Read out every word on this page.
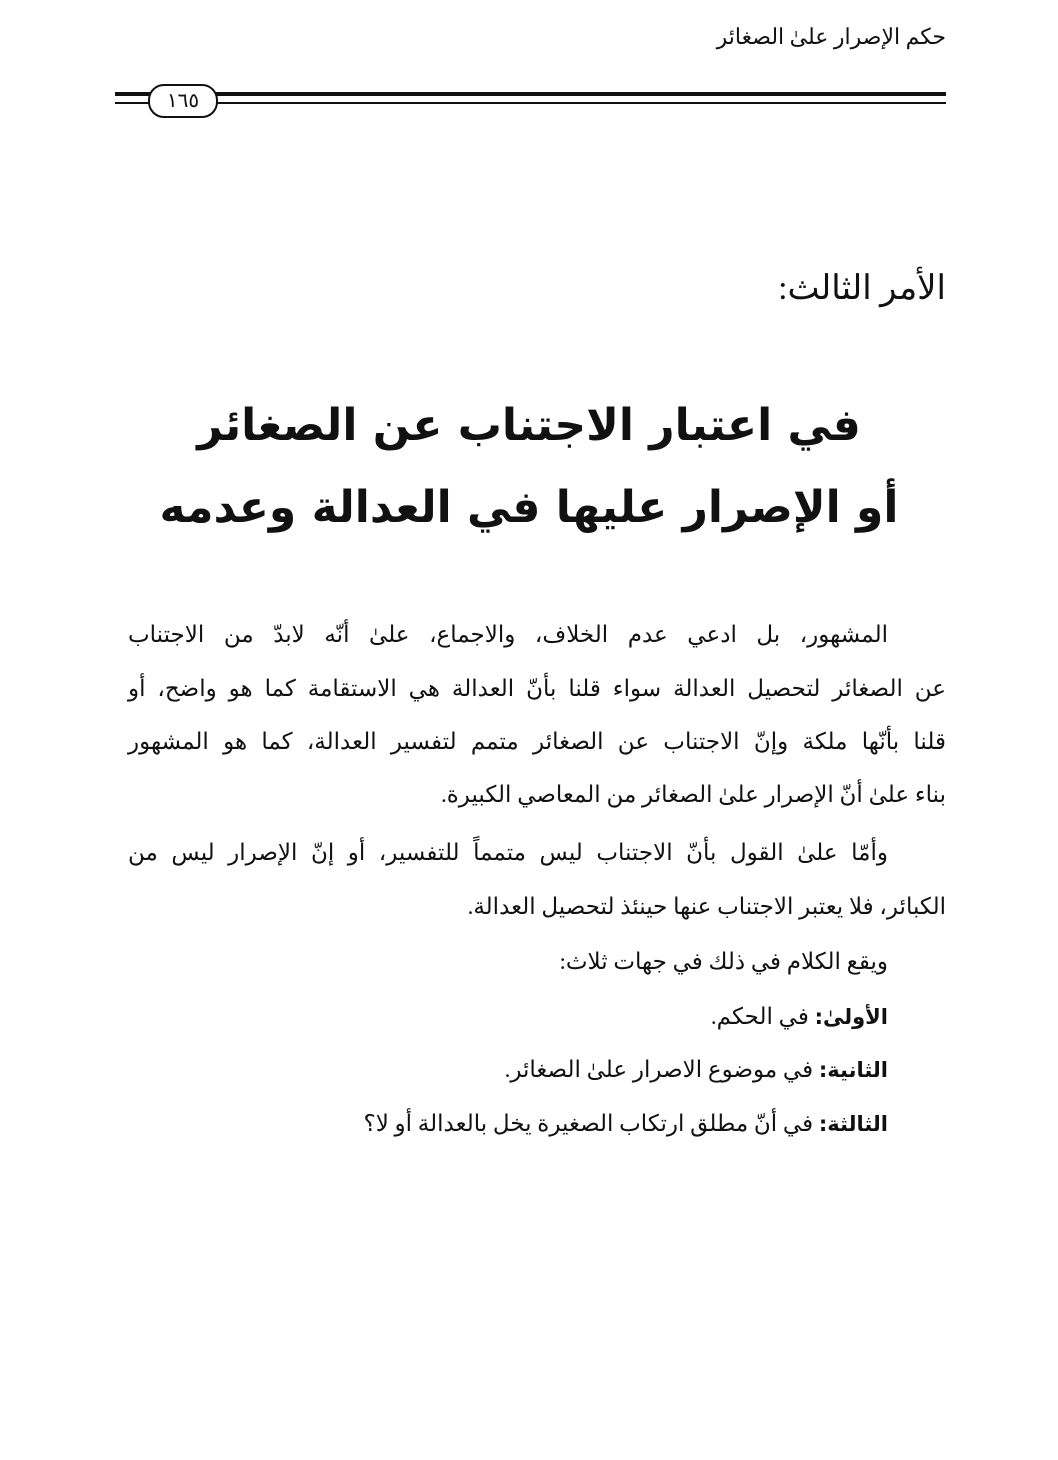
حكم الإصرار علىٰ الصغائر
١٦٥
الأمر الثالث:
في اعتبار الاجتناب عن الصغائر
أو الإصرار عليها في العدالة وعدمه
المشهور، بل ادعي عدم الخلاف، والاجماع، علىٰ أنّه لابدّ من الاجتناب
عن الصغائر لتحصيل العدالة سواء قلنا بأنّ العدالة هي الاستقامة كما هو واضح، أو
قلنا بأنّها ملكة وإنّ الاجتناب عن الصغائر متمم لتفسير العدالة، كما هو المشهور
بناء علىٰ أنّ الإصرار علىٰ الصغائر من المعاصي الكبيرة.
وأمّا علىٰ القول بأنّ الاجتناب ليس متمماً للتفسير، أو إنّ الإصرار ليس من
الكبائر، فلا يعتبر الاجتناب عنها حينئذ لتحصيل العدالة.
ويقع الكلام في ذلك في جهات ثلاث:
الأولىٰ: في الحكم.
الثانية: في موضوع الاصرار علىٰ الصغائر.
الثالثة: في أنّ مطلق ارتكاب الصغيرة يخل بالعدالة أو لا؟
